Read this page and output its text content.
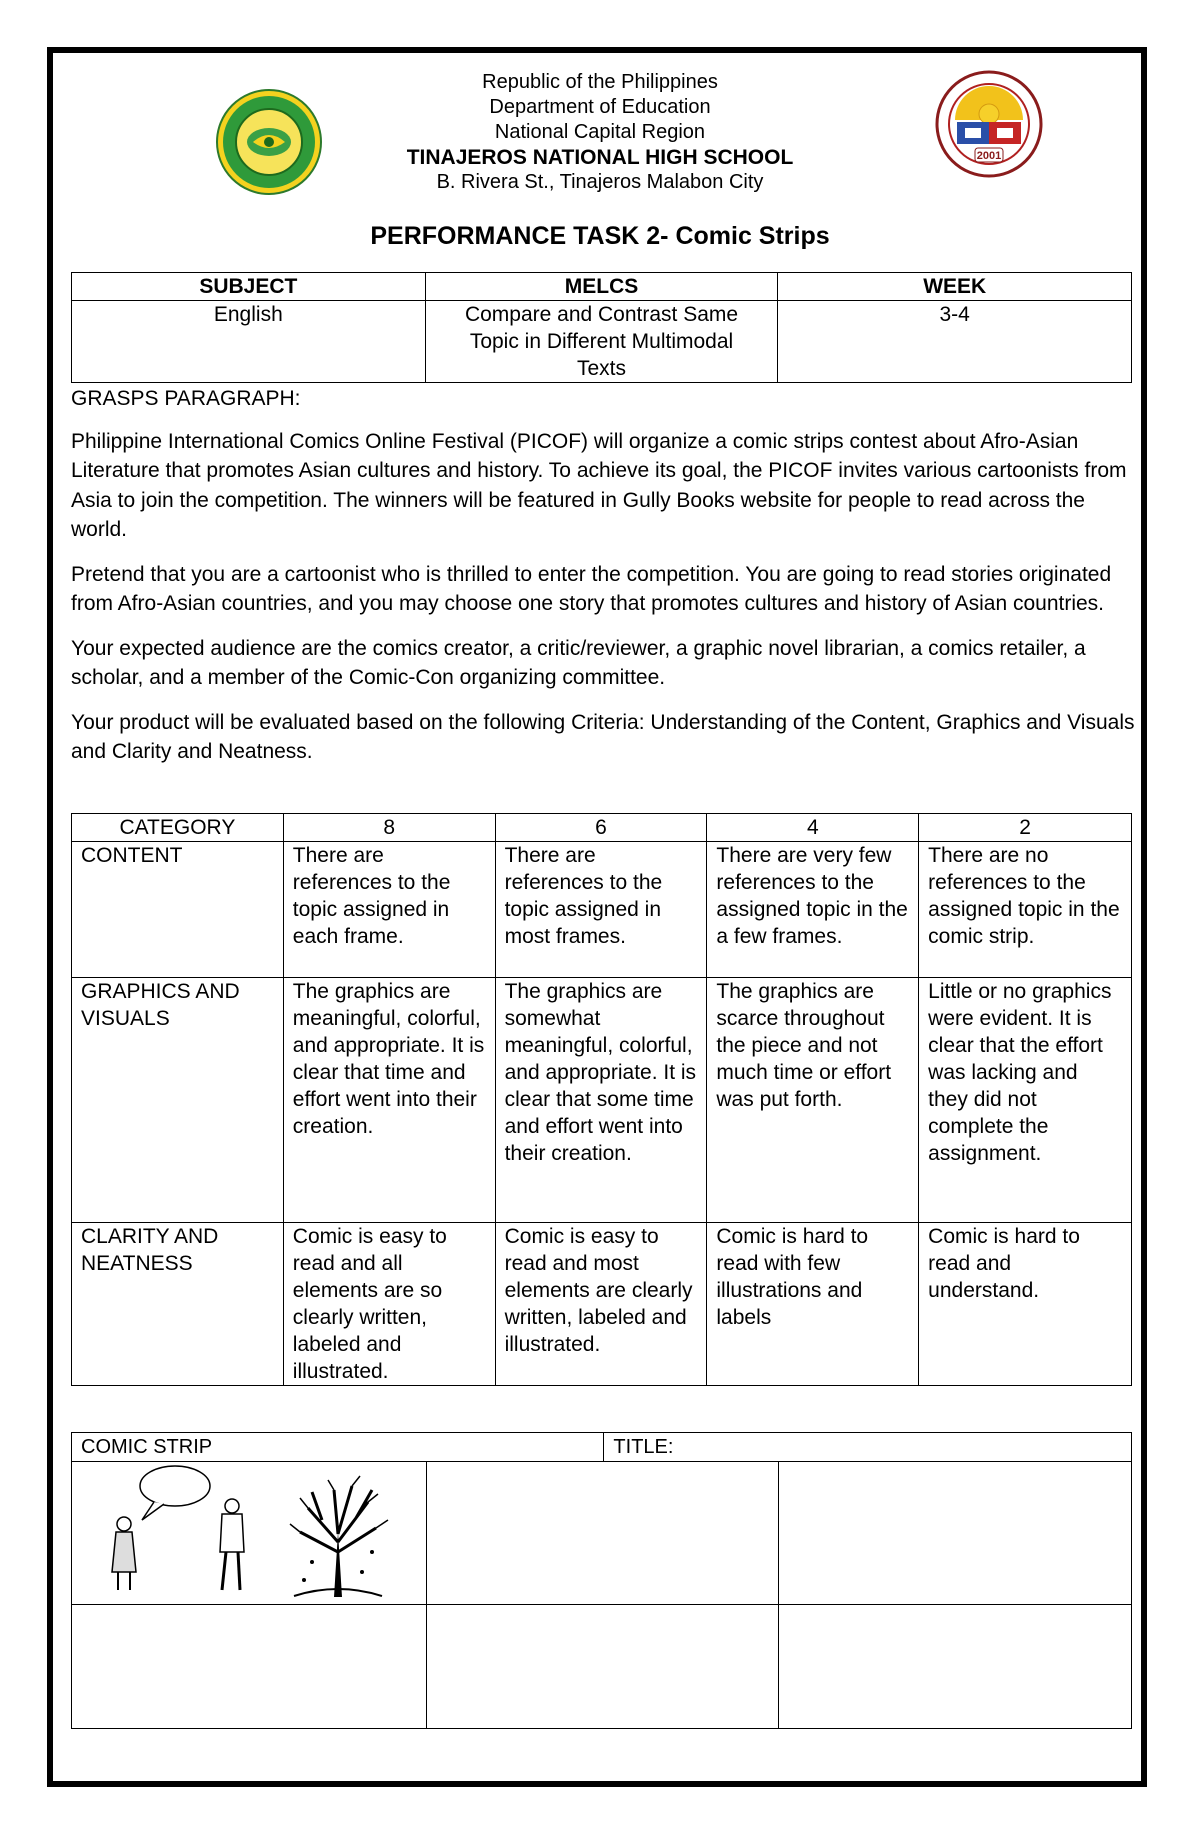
2001
Republic of the Philippines
Department of Education
National Capital Region
TINAJEROS NATIONAL HIGH SCHOOL
B. Rivera St., Tinajeros Malabon City
PERFORMANCE TASK 2- Comic Strips
SUBJECT	MELCS	WEEK
English	Compare and Contrast Same Topic in Different Multimodal Texts	3-4

GRASPS PARAGRAPH:

Philippine International Comics Online Festival (PICOF) will organize a comic strips contest about Afro-Asian Literature that promotes Asian cultures and history. To achieve its goal, the PICOF invites various cartoonists from Asia to join the competition. The winners will be featured in Gully Books website for people to read across the world.

Pretend that you are a cartoonist who is thrilled to enter the competition. You are going to read stories originated from Afro-Asian countries, and you may choose one story that promotes cultures and history of Asian countries.

Your expected audience are the comics creator, a critic/reviewer, a graphic novel librarian, a comics retailer, a scholar, and a member of the Comic-Con organizing committee.

Your product will be evaluated based on the following Criteria: Understanding of the Content, Graphics and Visuals and Clarity and Neatness.

CATEGORY	8	6	4	2
CONTENT	There are references to the topic assigned in each frame.	There are references to the topic assigned in most frames.	There are very few references to the assigned topic in the a few frames.	There are no references to the assigned topic in the comic strip.
GRAPHICS AND VISUALS	The graphics are meaningful, colorful, and appropriate. It is clear that time and effort went into their creation.	The graphics are somewhat meaningful, colorful, and appropriate. It is clear that some time and effort went into their creation.	The graphics are scarce throughout the piece and not much time or effort was put forth.	Little or no graphics were evident. It is clear that the effort was lacking and they did not complete the assignment.
CLARITY AND NEATNESS	Comic is easy to read and all elements are so clearly written, labeled and illustrated.	Comic is easy to read and most elements are clearly written, labeled and illustrated.	Comic is hard to read with few illustrations and labels	Comic is hard to read and understand.
COMIC STRIP		TITLE:	
